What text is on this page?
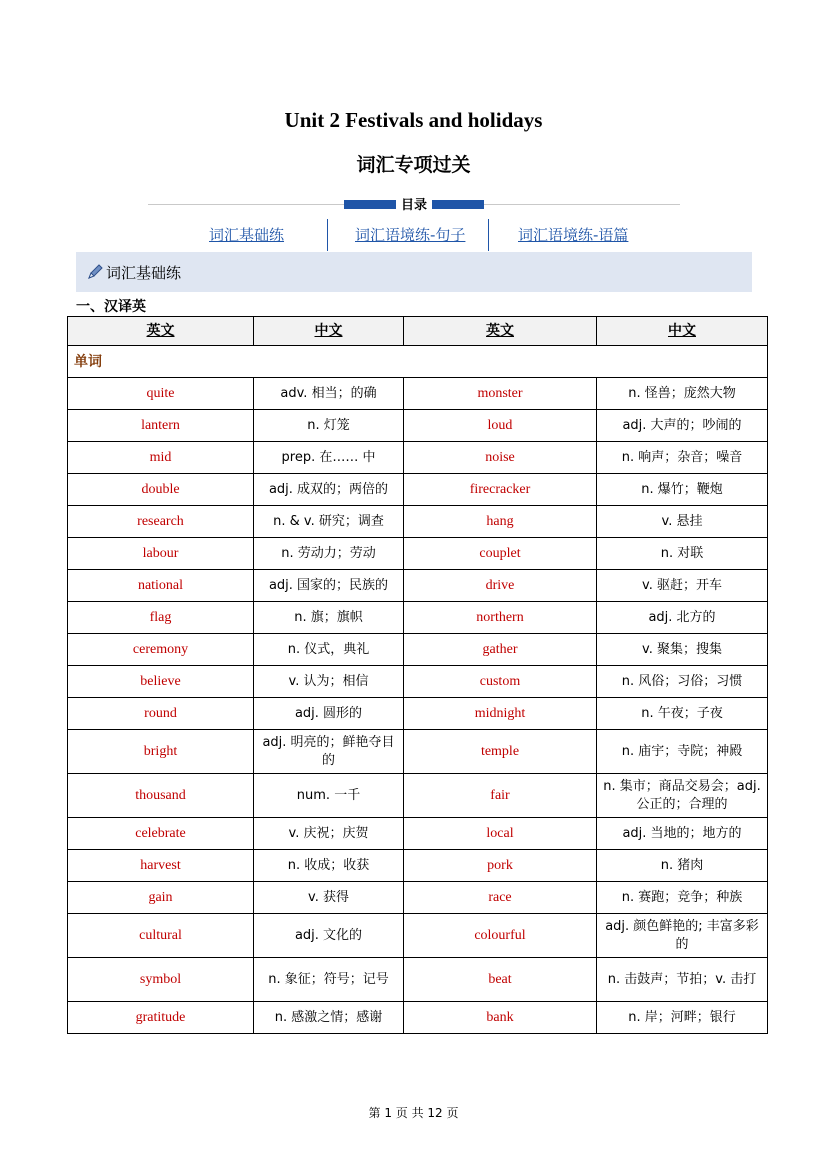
Unit 2 Festivals and holidays
词汇专项过关
目录
词汇基础练	词汇语境练-句子	词汇语境练-语篇
词汇基础练
一、汉译英
英文	中文	英文	中文
单词			
quite	adv. 相当；的确	monster	n. 怪兽；庞然大物
lantern	n. 灯笼	loud	adj. 大声的；吵闹的
mid	prep. 在…… 中	noise	n. 响声；杂音；噪音
double	adj. 成双的；两倍的	firecracker	n. 爆竹；鞭炮
research	n. & v. 研究；调查	hang	v. 悬挂
labour	n. 劳动力；劳动	couplet	n. 对联
national	adj. 国家的；民族的	drive	v. 驱赶；开车
flag	n. 旗；旗帜	northern	adj. 北方的
ceremony	n. 仪式，典礼	gather	v. 聚集；搜集
believe	v. 认为；相信	custom	n. 风俗；习俗；习惯
round	adj. 圆形的	midnight	n. 午夜；子夜
bright	adj. 明亮的；鲜艳夺目的	temple	n. 庙宇；寺院；神殿
thousand	num. 一千	fair	n. 集市；商品交易会；adj. 公正的；合理的
celebrate	v. 庆祝；庆贺	local	adj. 当地的；地方的
harvest	n. 收成；收获	pork	n. 猪肉
gain	v. 获得	race	n. 赛跑；竞争；种族
cultural	adj. 文化的	colourful	adj. 颜色鲜艳的; 丰富多彩的
symbol	n. 象征；符号；记号	beat	n. 击鼓声；节拍；v. 击打
gratitude	n. 感激之情；感谢	bank	n. 岸；河畔；银行
第 1 页 共 12 页
